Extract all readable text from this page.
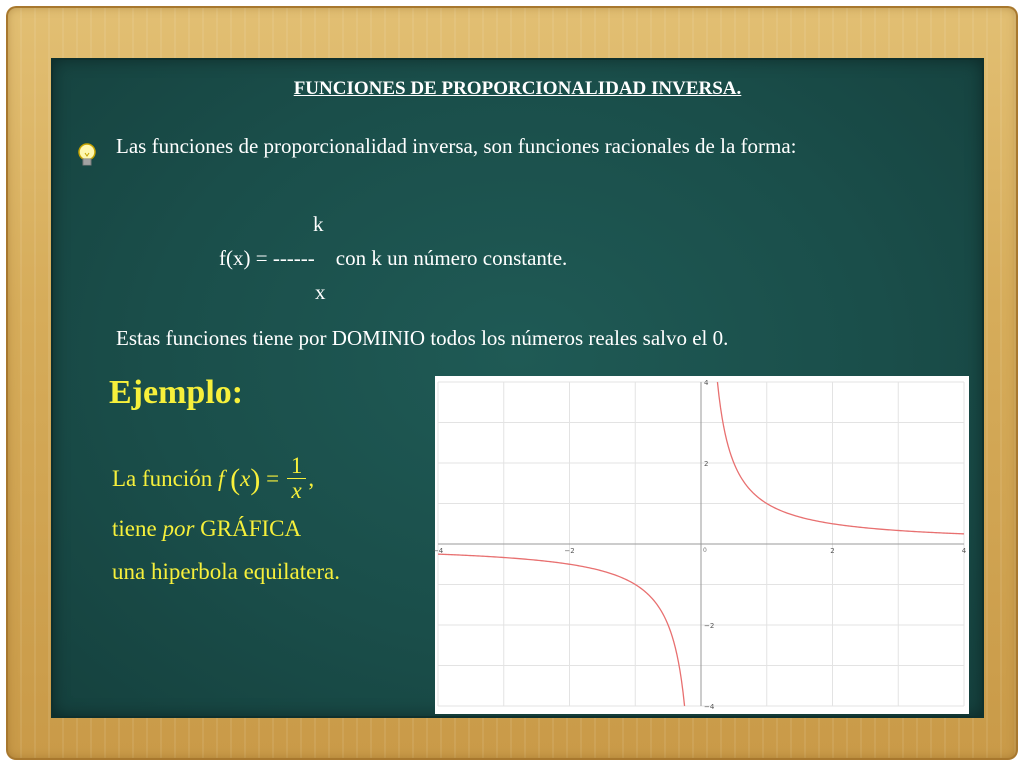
FUNCIONES DE PROPORCIONALIDAD INVERSA.
Las funciones de proporcionalidad inversa, son funciones racionales de la forma:
k
f(x) = ------    con k un número constante.
x
Estas funciones tiene por DOMINIO todos los números reales salvo el 0.
Ejemplo:
La función f $(x) = \frac{1}{x}$ ,
tiene por GRÁFICA
una hiperbola equilatera.
−4	−2	2	4
4
2
−2
−4
0
